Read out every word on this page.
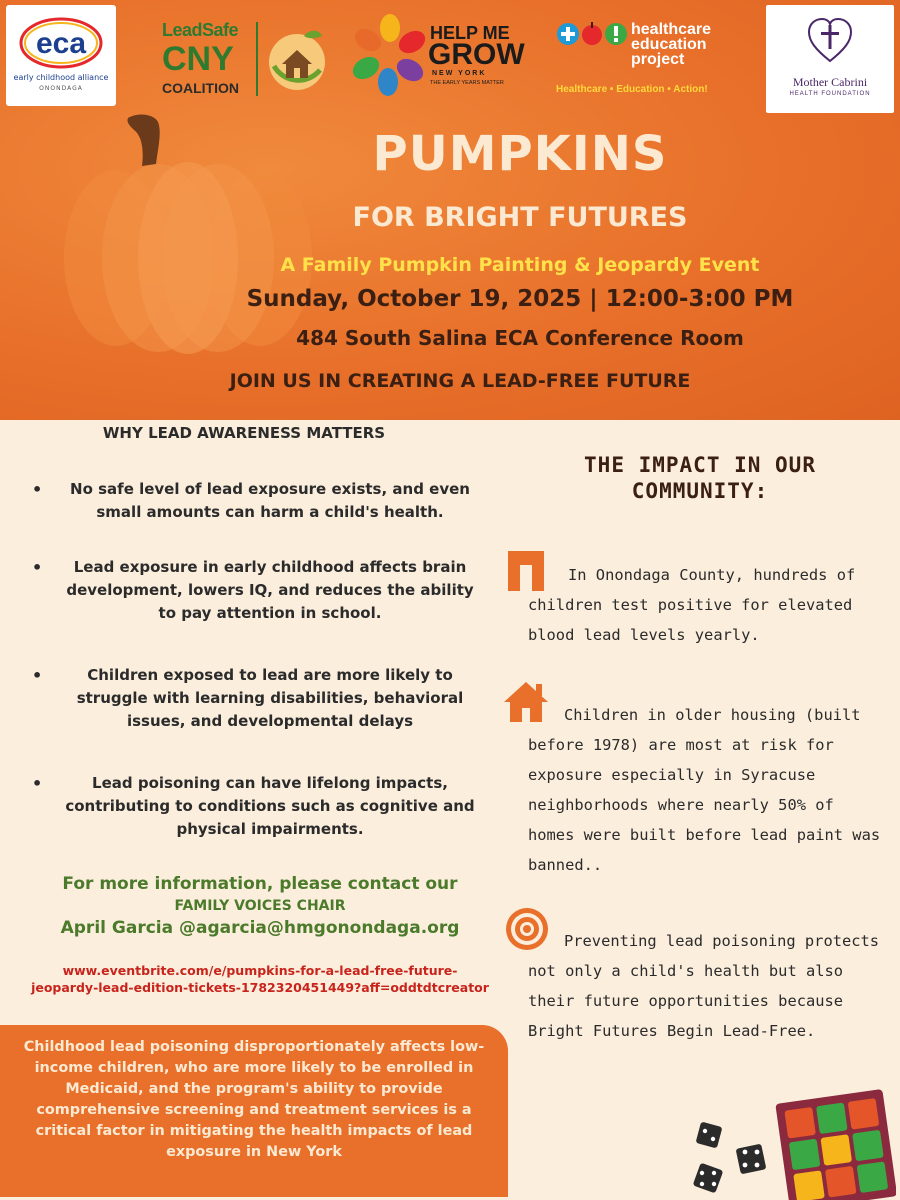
eca
early childhood alliance
ONONDAGA
LeadSafe
CNY
COALITION
HELP ME
GROW
NEW YORK
THE EARLY YEARS MATTER
healthcare
education
project
Healthcare • Education • Action!
Mother Cabrini
HEALTH FOUNDATION
PUMPKINS
FOR BRIGHT FUTURES
A Family Pumpkin Painting & Jeopardy Event
Sunday, October 19, 2025 | 12:00-3:00 PM
484 South Salina ECA Conference Room
JOIN US IN CREATING A LEAD-FREE FUTURE
WHY LEAD AWARENESS MATTERS
• No safe level of lead exposure exists, and even small amounts can harm a child's health.
• Lead exposure in early childhood affects brain development, lowers IQ, and reduces the ability to pay attention in school.
•	Children exposed to lead are more likely to struggle with learning disabilities, behavioral issues, and developmental delays
•	Lead poisoning can have lifelong impacts, contributing to conditions such as cognitive and physical impairments.
For more information, please contact our
FAMILY VOICES CHAIR
April Garcia @agarcia@hmgonondaga.org
www.eventbrite.com/e/pumpkins-for-a-lead-free-future-jeopardy-lead-edition-tickets-1782320451449?aff=oddtdtcreator
Childhood lead poisoning disproportionately affects low-income children, who are more likely to be enrolled in Medicaid, and the program's ability to provide comprehensive screening and treatment services is a critical factor in mitigating the health impacts of lead exposure in New York
THE IMPACT IN OUR COMMUNITY:
In Onondaga County, hundreds of children test positive for elevated blood lead levels yearly.
Children in older housing (built before 1978) are most at risk for exposure especially in Syracuse neighborhoods where nearly 50% of homes were built before lead paint was banned..
Preventing lead poisoning protects not only a child's health but also their future opportunities because Bright Futures Begin Lead-Free.
